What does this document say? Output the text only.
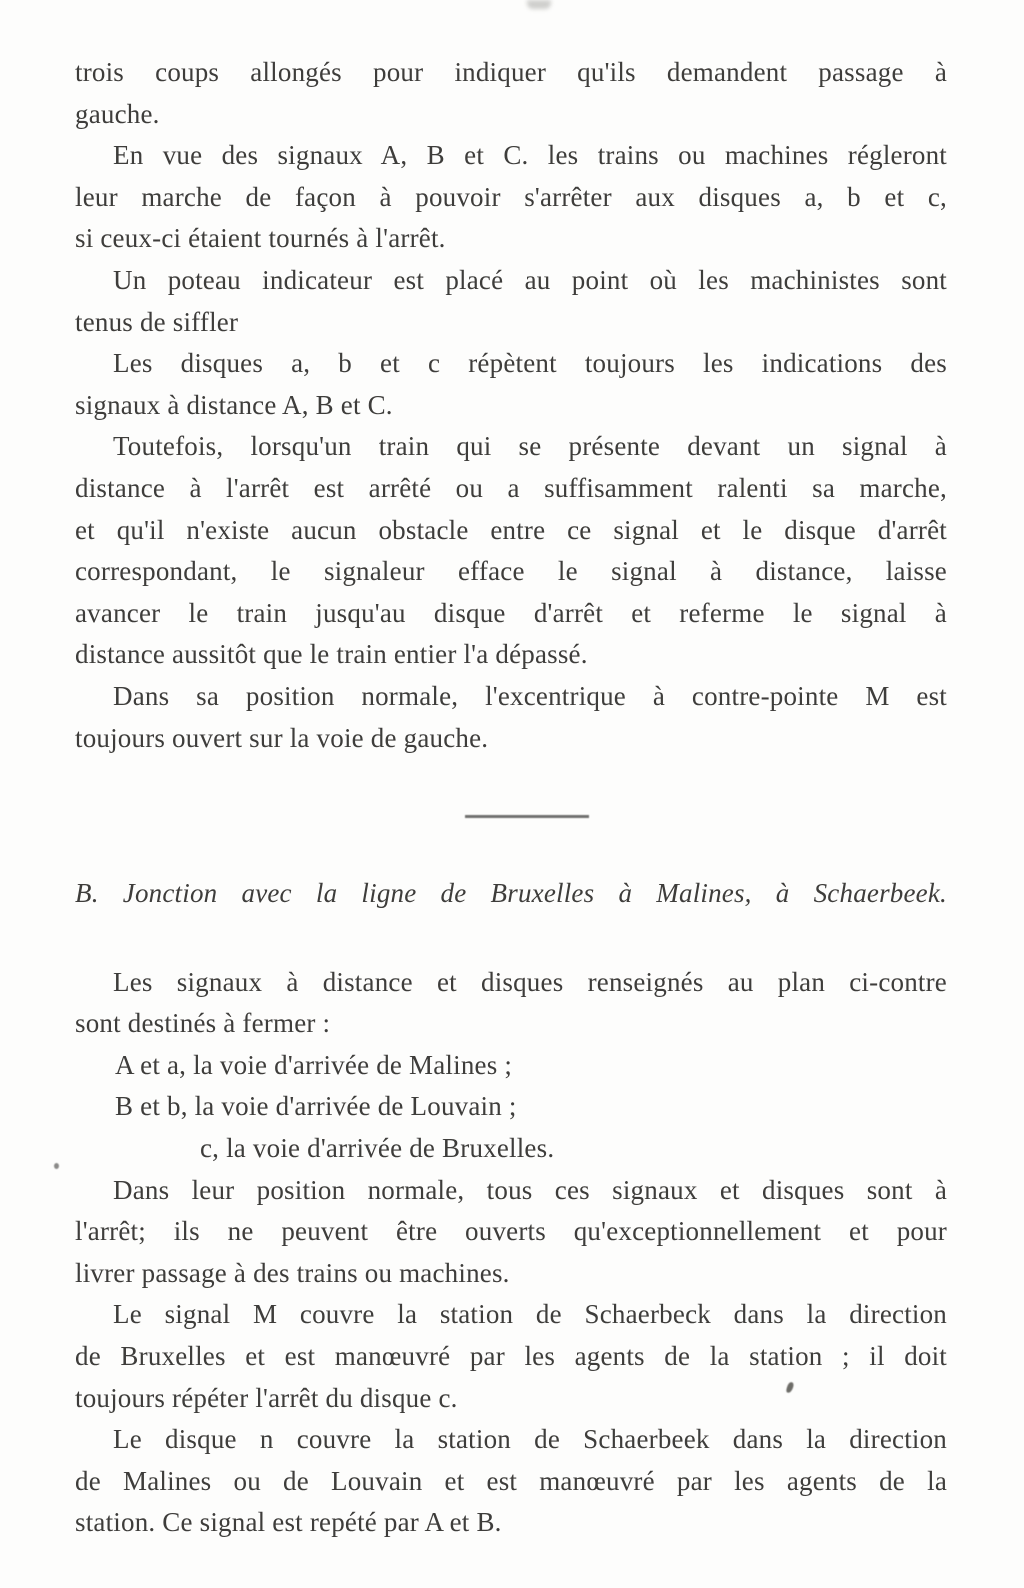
trois coups allongés pour indiquer qu'ils demandent passage à
gauche.
En vue des signaux A, B et C. les trains ou machines régleront
leur marche de façon à pouvoir s'arrêter aux disques a, b et c,
si ceux-ci étaient tournés à l'arrêt.
Un poteau indicateur est placé au point où les machinistes sont
tenus de siffler
Les disques a, b et c répètent toujours les indications des
signaux à distance A, B et C.
Toutefois, lorsqu'un train qui se présente devant un signal à
distance à l'arrêt est arrêté ou a suffisamment ralenti sa marche,
et qu'il n'existe aucun obstacle entre ce signal et le disque d'arrêt
correspondant, le signaleur efface le signal à distance, laisse
avancer le train jusqu'au disque d'arrêt et referme le signal à
distance aussitôt que le train entier l'a dépassé.
Dans sa position normale, l'excentrique à contre-pointe M est
toujours ouvert sur la voie de gauche.
B. Jonction avec la ligne de Bruxelles à Malines, à Schaerbeek.
Les signaux à distance et disques renseignés au plan ci-contre
sont destinés à fermer :
A et a, la voie d'arrivée de Malines ;
B et b, la voie d'arrivée de Louvain ;
c, la voie d'arrivée de Bruxelles.
Dans leur position normale, tous ces signaux et disques sont à
l'arrêt; ils ne peuvent être ouverts qu'exceptionnellement et pour
livrer passage à des trains ou machines.
Le signal M couvre la station de Schaerbeck dans la direction
de Bruxelles et est manœuvré par les agents de la station ; il doit
toujours répéter l'arrêt du disque c.
Le disque n couvre la station de Schaerbeek dans la direction
de Malines ou de Louvain et est manœuvré par les agents de la
station. Ce signal est repété par A et B.
